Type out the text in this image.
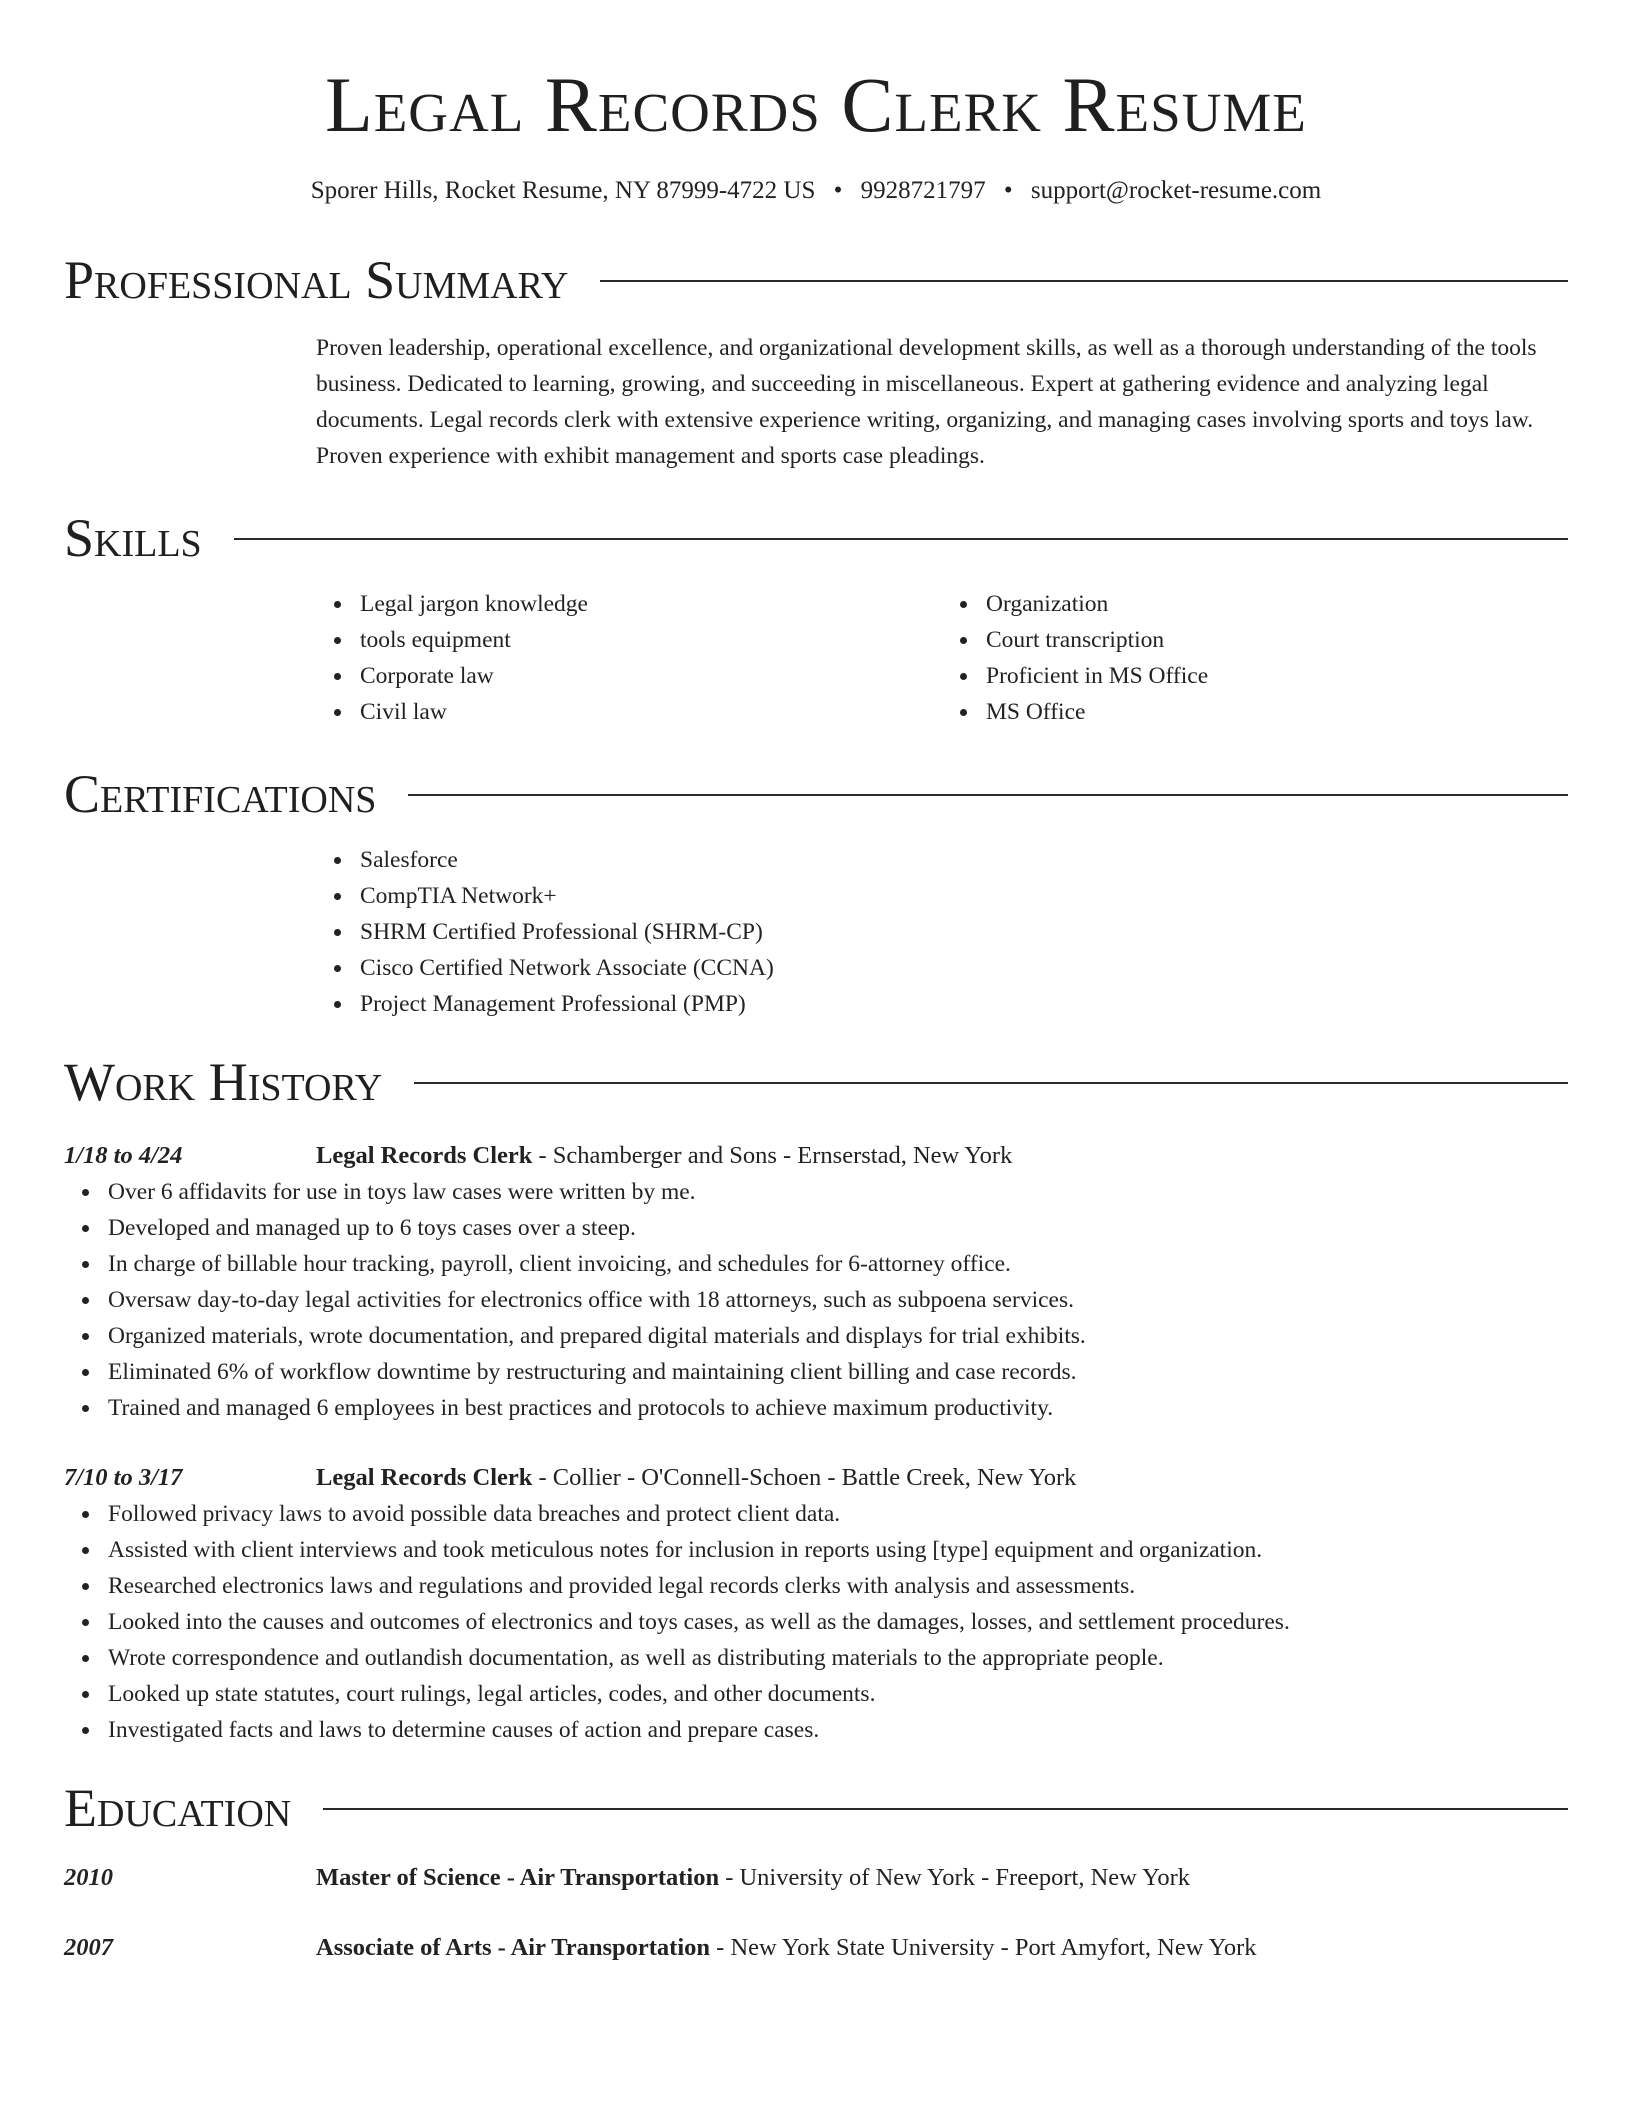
Legal Records Clerk Resume
Sporer Hills, Rocket Resume, NY 87999-4722 US • 9928721797 • support@rocket-resume.com
Professional Summary
Proven leadership, operational excellence, and organizational development skills, as well as a thorough understanding of the tools business. Dedicated to learning, growing, and succeeding in miscellaneous. Expert at gathering evidence and analyzing legal documents. Legal records clerk with extensive experience writing, organizing, and managing cases involving sports and toys law. Proven experience with exhibit management and sports case pleadings.
Skills
Legal jargon knowledge
tools equipment
Corporate law
Civil law
Organization
Court transcription
Proficient in MS Office
MS Office
Certifications
Salesforce
CompTIA Network+
SHRM Certified Professional (SHRM-CP)
Cisco Certified Network Associate (CCNA)
Project Management Professional (PMP)
Work History
1/18 to 4/24	Legal Records Clerk - Schamberger and Sons - Ernserstad, New York
Over 6 affidavits for use in toys law cases were written by me.
Developed and managed up to 6 toys cases over a steep.
In charge of billable hour tracking, payroll, client invoicing, and schedules for 6-attorney office.
Oversaw day-to-day legal activities for electronics office with 18 attorneys, such as subpoena services.
Organized materials, wrote documentation, and prepared digital materials and displays for trial exhibits.
Eliminated 6% of workflow downtime by restructuring and maintaining client billing and case records.
Trained and managed 6 employees in best practices and protocols to achieve maximum productivity.
7/10 to 3/17	Legal Records Clerk - Collier - O'Connell-Schoen - Battle Creek, New York
Followed privacy laws to avoid possible data breaches and protect client data.
Assisted with client interviews and took meticulous notes for inclusion in reports using [type] equipment and organization.
Researched electronics laws and regulations and provided legal records clerks with analysis and assessments.
Looked into the causes and outcomes of electronics and toys cases, as well as the damages, losses, and settlement procedures.
Wrote correspondence and outlandish documentation, as well as distributing materials to the appropriate people.
Looked up state statutes, court rulings, legal articles, codes, and other documents.
Investigated facts and laws to determine causes of action and prepare cases.
Education
2010	Master of Science - Air Transportation - University of New York - Freeport, New York
2007	Associate of Arts - Air Transportation - New York State University - Port Amyfort, New York
